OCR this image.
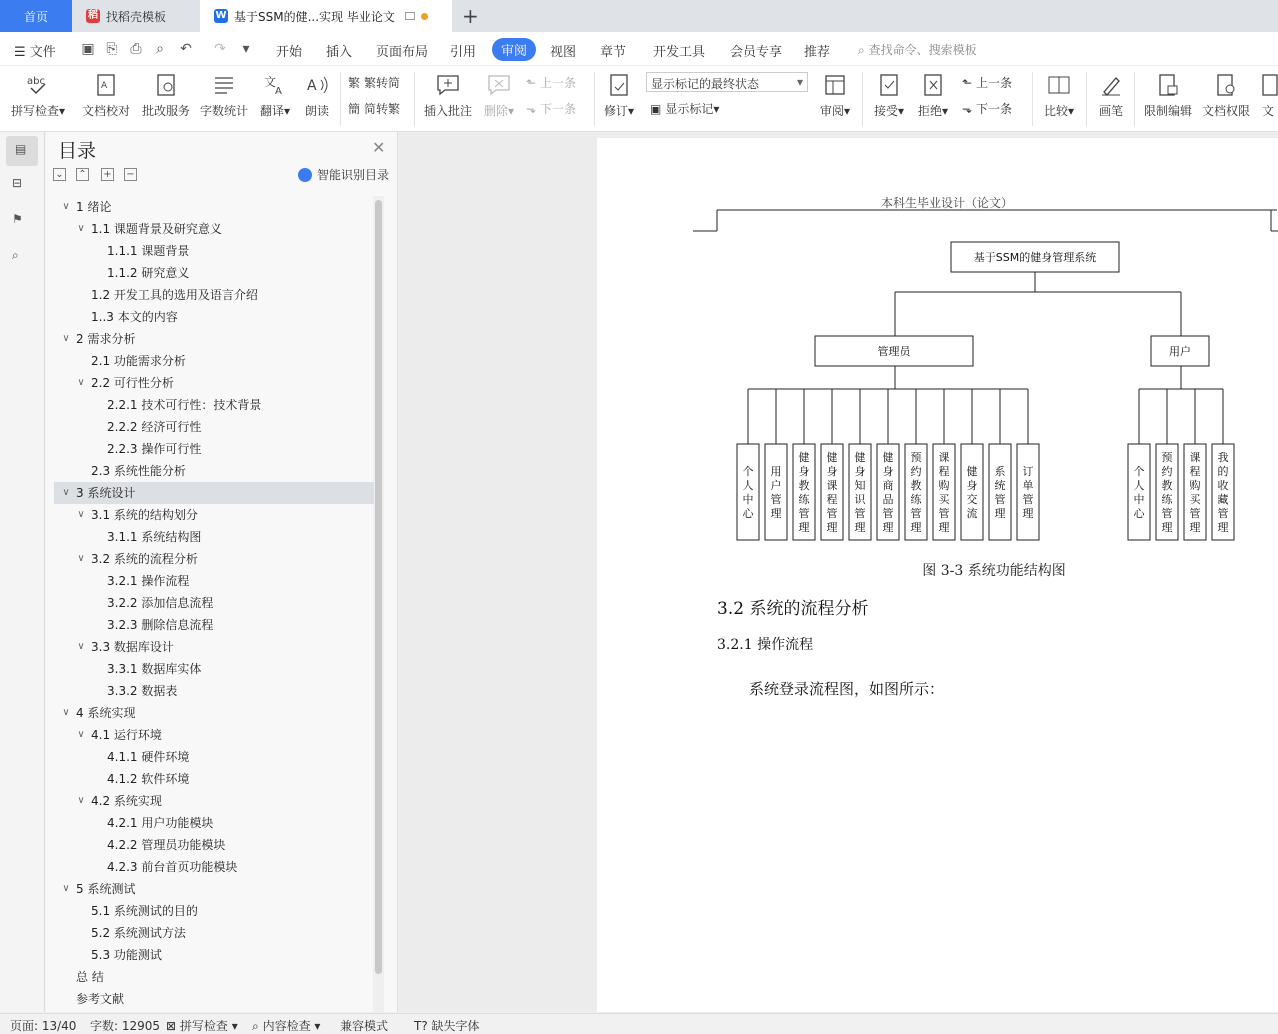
首页	稻 找稻壳模板	W 基于SSM的健...实现 毕业论文	+
☰ 文件 ▣ ⎘ ⎙ ⌕ ↶ ↷	▾	开始 插入 页面布局 引用	审阅	视图 章节 开发工具 会员专享 推荐 ⌕ 查找命令、搜索模板
abc
拼写检查▾
A
文档校对 批改服务 字数统计
文
A
翻译▾
A
朗读
繁 繁转简
簡 简转繁 插入批注 删除▾
⬑ 上一条
⬎ 下一条	修订▾
显示标记的最终状态	▾
▣ 显示标记 ▾	审阅▾	接受▾	拒绝▾
⬑ 上一条
⬎ 下一条	比较▾	画笔	限制编辑 文档权限 文
▤
⊟
⚑
⌕
目录	✕
⌄ ⌃ + −	智能识别目录
∨ 1 绪论
∨ 1.1 课题背景及研究意义
1.1.1 课题背景
1.1.2 研究意义
1.2 开发工具的选用及语言介绍
1..3 本文的内容
∨ 2 需求分析
2.1 功能需求分析
∨ 2.2 可行性分析
2.2.1 技术可行性：技术背景
2.2.2 经济可行性
2.2.3 操作可行性
2.3 系统性能分析
∨ 3 系统设计
∨ 3.1 系统的结构划分
3.1.1 系统结构图
∨ 3.2 系统的流程分析
3.2.1 操作流程
3.2.2 添加信息流程
3.2.3 删除信息流程
∨ 3.3 数据库设计
3.3.1 数据库实体
3.3.2 数据表
∨ 4 系统实现
∨ 4.1 运行环境
4.1.1 硬件环境
4.1.2 软件环境
∨ 4.2 系统实现
4.2.1 用户功能模块
4.2.2 管理员功能模块
4.2.3 前台首页功能模块
∨ 5 系统测试
5.1 系统测试的目的
5.2 系统测试方法
5.3 功能测试
总 结
参考文献
本科生毕业设计（论文）
基于SSM的健身管理系统
管理员	用户
个
人
中
心
用
户
管
理
健
身
教
练
管
理
健
身
课
程
管
理
健
身
知
识
管
理
健
身
商
品
管
理
预
约
教
练
管
理
课
程
购
买
管
理
健
身
交
流
系
统
管
理
订
单
管
理
个
人
中
心
预
约
教
练
管
理
课
程
购
买
管
理
我
的
收
藏
管
理
图 3-3 系统功能结构图
3.2 系统的流程分析
3.2.1 操作流程
系统登录流程图，如图所示：
页面: 13/40 字数: 12905 ⊠ 拼写检查 ▾ ⌕ 内容检查 ▾ 兼容模式 T? 缺失字体
